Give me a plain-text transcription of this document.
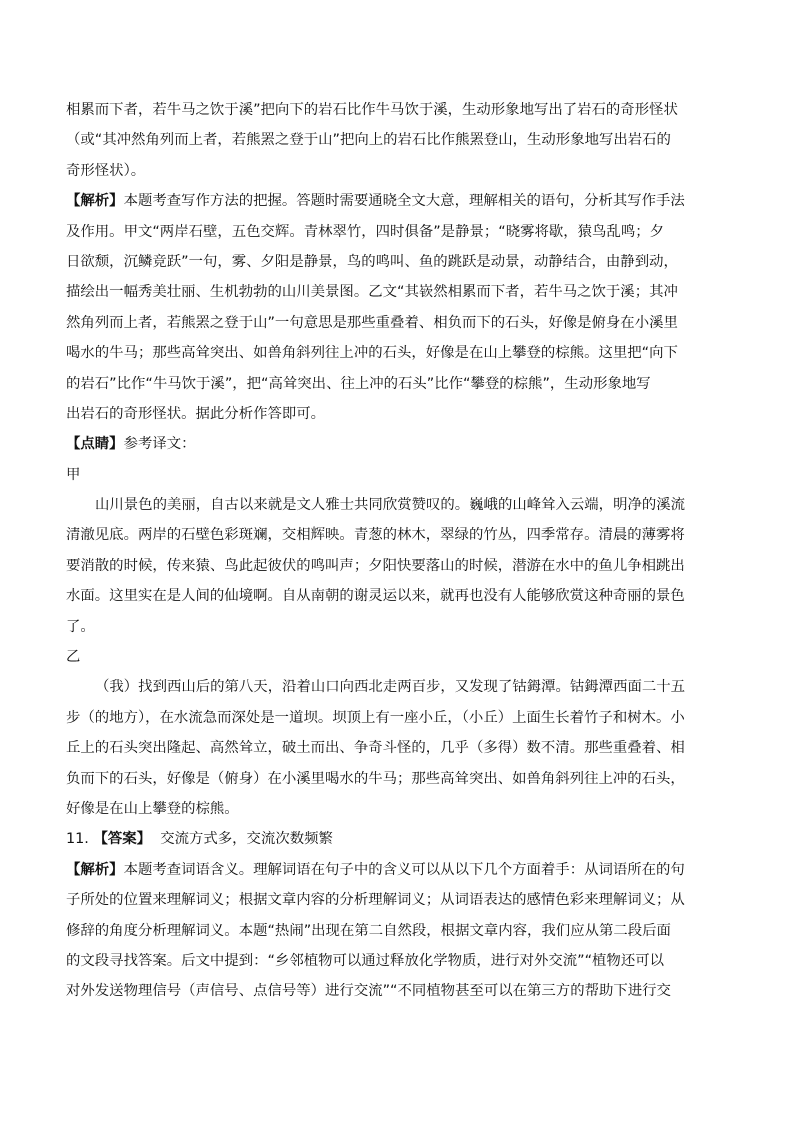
相累而下者，若牛马之饮于溪”把向下的岩石比作牛马饮于溪，生动形象地写出了岩石的奇形怪状
（或“其冲然角列而上者，若熊罴之登于山”把向上的岩石比作熊罴登山，生动形象地写出岩石的
奇形怪状）。
【解析】本题考查写作方法的把握。答题时需要通晓全文大意，理解相关的语句，分析其写作手法
及作用。甲文“两岸石壁，五色交辉。青林翠竹，四时俱备”是静景；“晓雾将歇，猿鸟乱鸣；夕
日欲颓，沉鳞竞跃”一句，雾、夕阳是静景，鸟的鸣叫、鱼的跳跃是动景，动静结合，由静到动，
描绘出一幅秀美壮丽、生机勃勃的山川美景图。乙文“其嵚然相累而下者，若牛马之饮于溪；其冲
然角列而上者，若熊罴之登于山”一句意思是那些重叠着、相负而下的石头，好像是俯身在小溪里
喝水的牛马；那些高耸突出、如兽角斜列往上冲的石头，好像是在山上攀登的棕熊。这里把“向下
的岩石”比作“牛马饮于溪”，把“高耸突出、往上冲的石头”比作“攀登的棕熊”，生动形象地写
出岩石的奇形怪状。据此分析作答即可。
【点睛】参考译文：
甲
山川景色的美丽，自古以来就是文人雅士共同欣赏赞叹的。巍峨的山峰耸入云端，明净的溪流
清澈见底。两岸的石壁色彩斑斓，交相辉映。青葱的林木，翠绿的竹丛，四季常存。清晨的薄雾将
要消散的时候，传来猿、鸟此起彼伏的鸣叫声；夕阳快要落山的时候，潜游在水中的鱼儿争相跳出
水面。这里实在是人间的仙境啊。自从南朝的谢灵运以来，就再也没有人能够欣赏这种奇丽的景色
了。
乙
（我）找到西山后的第八天，沿着山口向西北走两百步，又发现了钴鉧潭。钴鉧潭西面二十五
步（的地方），在水流急而深处是一道坝。坝顶上有一座小丘，（小丘）上面生长着竹子和树木。小
丘上的石头突出隆起、高然耸立，破土而出、争奇斗怪的，几乎（多得）数不清。那些重叠着、相
负而下的石头，好像是（俯身）在小溪里喝水的牛马；那些高耸突出、如兽角斜列往上冲的石头，
好像是在山上攀登的棕熊。
11. 【答案】 交流方式多，交流次数频繁
【解析】本题考查词语含义。理解词语在句子中的含义可以从以下几个方面着手：从词语所在的句
子所处的位置来理解词义；根据文章内容的分析理解词义；从词语表达的感情色彩来理解词义；从
修辞的角度分析理解词义。本题“热闹”出现在第二自然段，根据文章内容，我们应从第二段后面
的文段寻找答案。后文中提到：“乡邻植物可以通过释放化学物质，进行对外交流”“植物还可以
对外发送物理信号（声信号、点信号等）进行交流”“不同植物甚至可以在第三方的帮助下进行交
